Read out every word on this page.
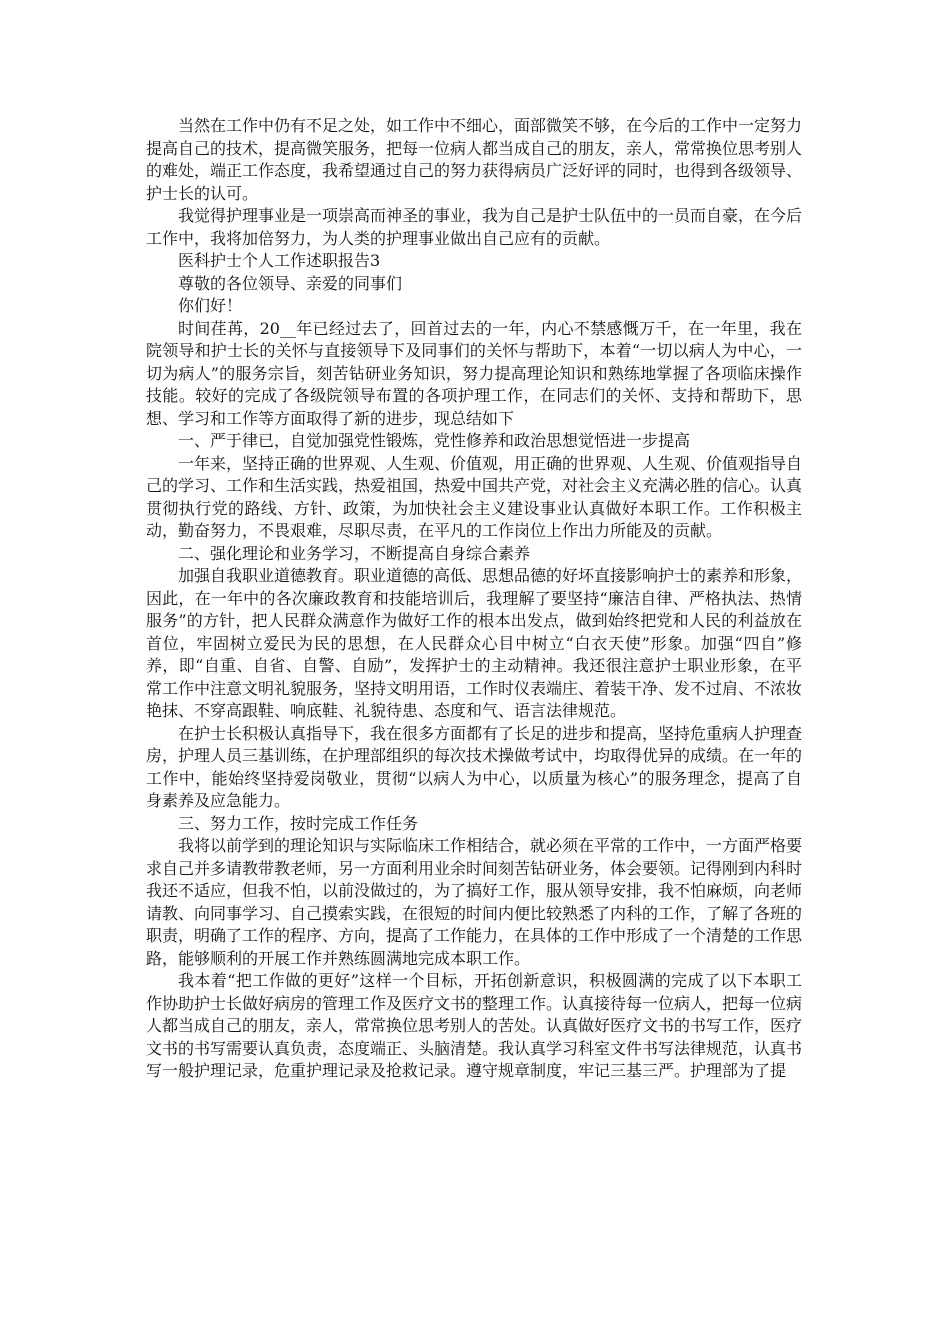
当然在工作中仍有不足之处，如工作中不细心，面部微笑不够，在今后的工作中一定努力提高自己的技术，提高微笑服务，把每一位病人都当成自己的朋友，亲人，常常换位思考别人的难处，端正工作态度，我希望通过自己的努力获得病员广泛好评的同时，也得到各级领导、护士长的认可。

我觉得护理事业是一项崇高而神圣的事业，我为自己是护士队伍中的一员而自豪，在今后工作中，我将加倍努力，为人类的护理事业做出自己应有的贡献。

医科护士个人工作述职报告3

尊敬的各位领导、亲爱的同事们

你们好！

时间荏苒，20__年已经过去了，回首过去的一年，内心不禁感慨万千，在一年里，我在院领导和护士长的关怀与直接领导下及同事们的关怀与帮助下，本着“一切以病人为中心，一切为病人”的服务宗旨，刻苦钻研业务知识，努力提高理论知识和熟练地掌握了各项临床操作技能。较好的完成了各级院领导布置的各项护理工作，在同志们的关怀、支持和帮助下，思想、学习和工作等方面取得了新的进步，现总结如下

一、严于律已，自觉加强党性锻炼，党性修养和政治思想觉悟进一步提高

一年来，坚持正确的世界观、人生观、价值观，用正确的世界观、人生观、价值观指导自己的学习、工作和生活实践，热爱祖国，热爱中国共产党，对社会主义充满必胜的信心。认真贯彻执行党的路线、方针、政策，为加快社会主义建设事业认真做好本职工作。工作积极主动，勤奋努力，不畏艰难，尽职尽责，在平凡的工作岗位上作出力所能及的贡献。

二、强化理论和业务学习，不断提高自身综合素养

加强自我职业道德教育。职业道德的高低、思想品德的好坏直接影响护士的素养和形象，因此，在一年中的各次廉政教育和技能培训后，我理解了要坚持“廉洁自律、严格执法、热情服务”的方针，把人民群众满意作为做好工作的根本出发点，做到始终把党和人民的利益放在首位，牢固树立爱民为民的思想，在人民群众心目中树立“白衣天使”形象。加强“四自”修养，即“自重、自省、自警、自励”，发挥护士的主动精神。我还很注意护士职业形象，在平常工作中注意文明礼貌服务，坚持文明用语，工作时仪表端庄、着装干净、发不过肩、不浓妆艳抹、不穿高跟鞋、响底鞋、礼貌待患、态度和气、语言法律规范。

在护士长积极认真指导下，我在很多方面都有了长足的进步和提高，坚持危重病人护理查房，护理人员三基训练，在护理部组织的每次技术操做考试中，均取得优异的成绩。在一年的工作中，能始终坚持爱岗敬业，贯彻“以病人为中心，以质量为核心”的服务理念，提高了自身素养及应急能力。

三、努力工作，按时完成工作任务

我将以前学到的理论知识与实际临床工作相结合，就必须在平常的工作中，一方面严格要求自己并多请教带教老师，另一方面利用业余时间刻苦钻研业务，体会要领。记得刚到内科时我还不适应，但我不怕，以前没做过的，为了搞好工作，服从领导安排，我不怕麻烦，向老师请教、向同事学习、自己摸索实践，在很短的时间内便比较熟悉了内科的工作，了解了各班的职责，明确了工作的程序、方向，提高了工作能力，在具体的工作中形成了一个清楚的工作思路，能够顺利的开展工作并熟练圆满地完成本职工作。

我本着“把工作做的更好”这样一个目标，开拓创新意识，积极圆满的完成了以下本职工作协助护士长做好病房的管理工作及医疗文书的整理工作。认真接待每一位病人，把每一位病人都当成自己的朋友，亲人，常常换位思考别人的苦处。认真做好医疗文书的书写工作，医疗文书的书写需要认真负责，态度端正、头脑清楚。我认真学习科室文件书写法律规范，认真书写一般护理记录，危重护理记录及抢救记录。遵守规章制度，牢记三基三严。护理部为了提
